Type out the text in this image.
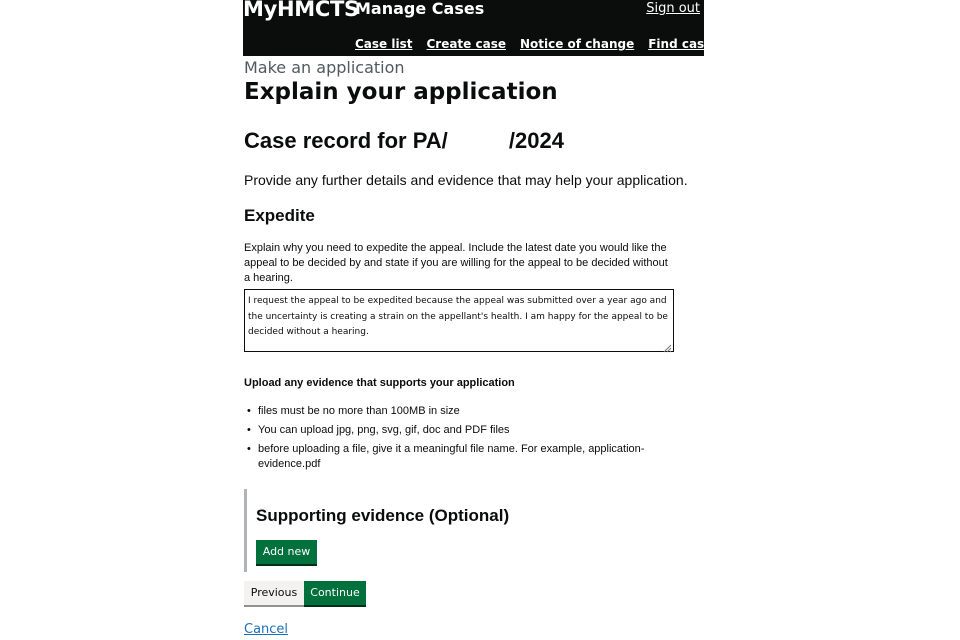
MyHMCTS
Manage Cases	Sign out
Case list Create case Notice of change Find case
Make an application
Explain your application
Case record for PA/          /2024

Provide any further details and evidence that may help your application.

Expedite

Explain why you need to expedite the appeal. Include the latest date you would like the appeal to be decided by and state if you are willing for the appeal to be decided without a hearing.

I request the appeal to be expedited because the appeal was submitted over a year ago and the uncertainty is creating a strain on the appellant's health. I am happy for the appeal to be decided without a hearing.
Upload any evidence that supports your application
• files must be no more than 100MB in size
• You can upload jpg, png, svg, gif, doc and PDF files
• before uploading a file, give it a meaningful file name. For example, application-evidence.pdf
Supporting evidence (Optional)
Add new
Previous	Continue
Cancel
